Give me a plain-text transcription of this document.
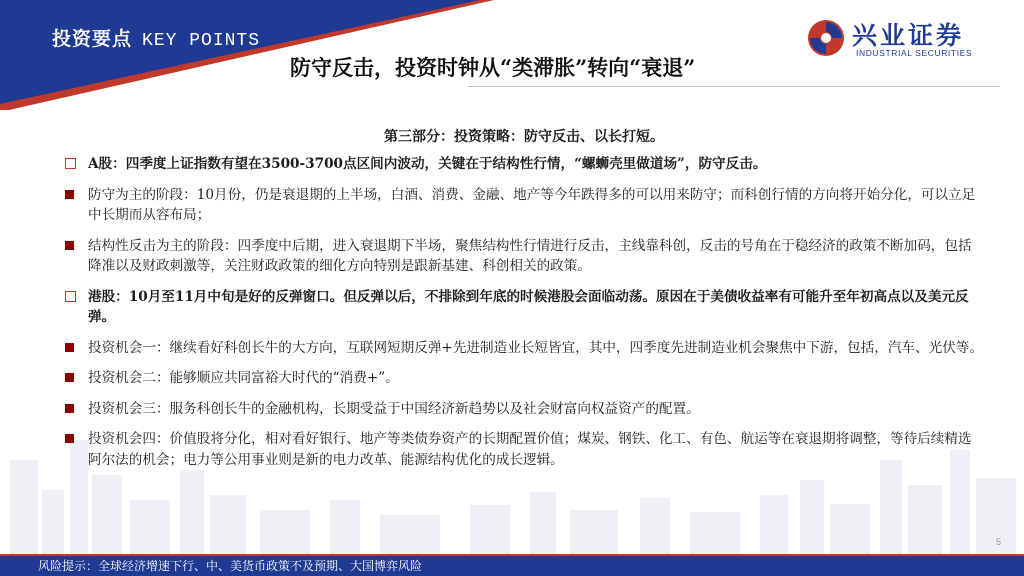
投资要点 KEY POINTS
防守反击，投资时钟从“类滞胀”转向“衰退”
兴业证券
INDUSTRIAL SECURITIES
第三部分：投资策略：防守反击、以长打短。
A股：四季度上证指数有望在3500-3700点区间内波动，关键在于结构性行情，“螺蛳壳里做道场”，防守反击。
防守为主的阶段：10月份，仍是衰退期的上半场，白酒、消费、金融、地产等今年跌得多的可以用来防守；而科创行情的方向将开始分化，可以立足中长期而从容布局；
结构性反击为主的阶段：四季度中后期，进入衰退期下半场，聚焦结构性行情进行反击，主线靠科创，反击的号角在于稳经济的政策不断加码，包括降准以及财政刺激等，关注财政政策的细化方向特别是跟新基建、科创相关的政策。
港股：10月至11月中旬是好的反弹窗口。但反弹以后，不排除到年底的时候港股会面临动荡。原因在于美债收益率有可能升至年初高点以及美元反弹。
投资机会一：继续看好科创长牛的大方向，互联网短期反弹+先进制造业长短皆宜，其中，四季度先进制造业机会聚焦中下游，包括，汽车、光伏等。
投资机会二：能够顺应共同富裕大时代的“消费+”。
投资机会三：服务科创长牛的金融机构，长期受益于中国经济新趋势以及社会财富向权益资产的配置。
投资机会四：价值股将分化，相对看好银行、地产等类债券资产的长期配置价值；煤炭、钢铁、化工、有色、航运等在衰退期将调整，等待后续精选阿尔法的机会；电力等公用事业则是新的电力改革、能源结构优化的成长逻辑。
5
风险提示：全球经济增速下行、中、美货币政策不及预期、大国博弈风险
